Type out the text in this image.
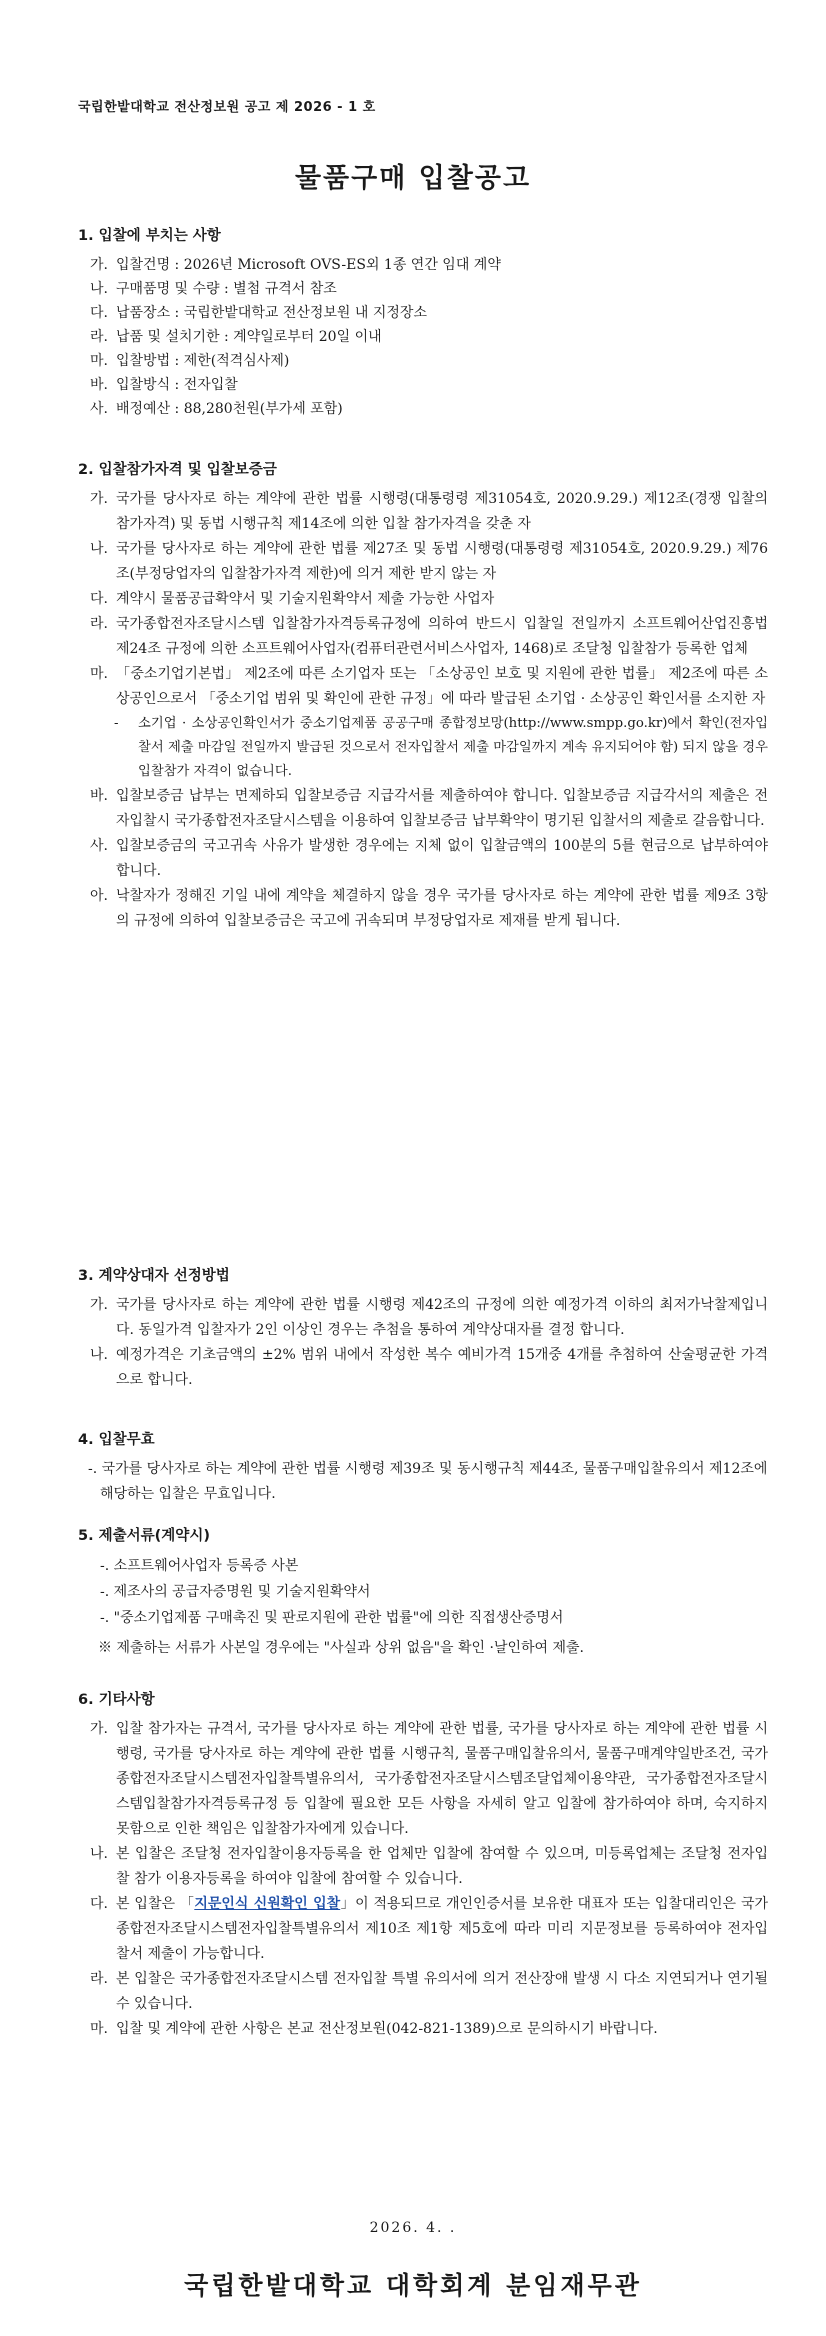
국립한밭대학교 전산정보원 공고 제 2026 - 1 호
물품구매 입찰공고
1. 입찰에 부치는 사항
가. 입찰건명 : 2026년 Microsoft OVS-ES외 1종 연간 임대 계약
나. 구매품명 및 수량 : 별첨 규격서 참조
다. 납품장소 : 국립한밭대학교 전산정보원 내 지정장소
라. 납품 및 설치기한 : 계약일로부터 20일 이내
마. 입찰방법 : 제한(적격심사제)
바. 입찰방식 : 전자입찰
사. 배정예산 : 88,280천원(부가세 포함)
2. 입찰참가자격 및 입찰보증금
가. 국가를 당사자로 하는 계약에 관한 법률 시행령(대통령령 제31054호, 2020.9.29.) 제12조(경쟁 입찰의 참가자격) 및 동법 시행규칙 제14조에 의한 입찰 참가자격을 갖춘 자
나. 국가를 당사자로 하는 계약에 관한 법률 제27조 및 동법 시행령(대통령령 제31054호, 2020.9.29.) 제76조(부정당업자의 입찰참가자격 제한)에 의거 제한 받지 않는 자
다. 계약시 물품공급확약서 및 기술지원확약서 제출 가능한 사업자
라. 국가종합전자조달시스템 입찰참가자격등록규정에 의하여 반드시 입찰일 전일까지 소프트웨어산업진흥법 제24조 규정에 의한 소프트웨어사업자(컴퓨터관련서비스사업자, 1468)로 조달청 입찰참가 등록한 업체
마. 「중소기업기본법」 제2조에 따른 소기업자 또는 「소상공인 보호 및 지원에 관한 법률」 제2조에 따른 소상공인으로서 「중소기업 범위 및 확인에 관한 규정」에 따라 발급된 소기업 · 소상공인 확인서를 소지한 자
- 소기업 · 소상공인확인서가 중소기업제품 공공구매 종합정보망(http://www.smpp.go.kr)에서 확인(전자입찰서 제출 마감일 전일까지 발급된 것으로서 전자입찰서 제출 마감일까지 계속 유지되어야 함) 되지 않을 경우 입찰참가 자격이 없습니다.
바. 입찰보증금 납부는 면제하되 입찰보증금 지급각서를 제출하여야 합니다. 입찰보증금 지급각서의 제출은 전자입찰시 국가종합전자조달시스템을 이용하여 입찰보증금 납부확약이 명기된 입찰서의 제출로 갈음합니다.
사. 입찰보증금의 국고귀속 사유가 발생한 경우에는 지체 없이 입찰금액의 100분의 5를 현금으로 납부하여야 합니다.
아. 낙찰자가 정해진 기일 내에 계약을 체결하지 않을 경우 국가를 당사자로 하는 계약에 관한 법률 제9조 3항의 규정에 의하여 입찰보증금은 국고에 귀속되며 부정당업자로 제재를 받게 됩니다.
3. 계약상대자 선정방법
가. 국가를 당사자로 하는 계약에 관한 법률 시행령 제42조의 규정에 의한 예정가격 이하의 최저가낙찰제입니다. 동일가격 입찰자가 2인 이상인 경우는 추첨을 통하여 계약상대자를 결정 합니다.
나. 예정가격은 기초금액의 ±2% 범위 내에서 작성한 복수 예비가격 15개중 4개를 추첨하여 산술평균한 가격으로 합니다.
4. 입찰무효
-. 국가를 당사자로 하는 계약에 관한 법률 시행령 제39조 및 동시행규칙 제44조, 물품구매입찰유의서 제12조에 해당하는 입찰은 무효입니다.
5. 제출서류(계약시)
-. 소프트웨어사업자 등록증 사본
-. 제조사의 공급자증명원 및 기술지원확약서
-. "중소기업제품 구매촉진 및 판로지원에 관한 법률"에 의한 직접생산증명서
※ 제출하는 서류가 사본일 경우에는 "사실과 상위 없음"을 확인 ·날인하여 제출.
6. 기타사항
가. 입찰 참가자는 규격서, 국가를 당사자로 하는 계약에 관한 법률, 국가를 당사자로 하는 계약에 관한 법률 시행령, 국가를 당사자로 하는 계약에 관한 법률 시행규칙, 물품구매입찰유의서, 물품구매계약일반조건, 국가종합전자조달시스템전자입찰특별유의서, 국가종합전자조달시스템조달업체이용약관, 국가종합전자조달시스템입찰참가자격등록규정 등 입찰에 필요한 모든 사항을 자세히 알고 입찰에 참가하여야 하며, 숙지하지 못함으로 인한 책임은 입찰참가자에게 있습니다.
나. 본 입찰은 조달청 전자입찰이용자등록을 한 업체만 입찰에 참여할 수 있으며, 미등록업체는 조달청 전자입찰 참가 이용자등록을 하여야 입찰에 참여할 수 있습니다.
다. 본 입찰은 「지문인식 신원확인 입찰」이 적용되므로 개인인증서를 보유한 대표자 또는 입찰대리인은 국가종합전자조달시스템전자입찰특별유의서 제10조 제1항 제5호에 따라 미리 지문정보를 등록하여야 전자입찰서 제출이 가능합니다.
라. 본 입찰은 국가종합전자조달시스템 전자입찰 특별 유의서에 의거 전산장애 발생 시 다소 지연되거나 연기될 수 있습니다.
마. 입찰 및 계약에 관한 사항은 본교 전산정보원(042-821-1389)으로 문의하시기 바랍니다.
2026. 4. .
국립한밭대학교 대학회계 분임재무관
